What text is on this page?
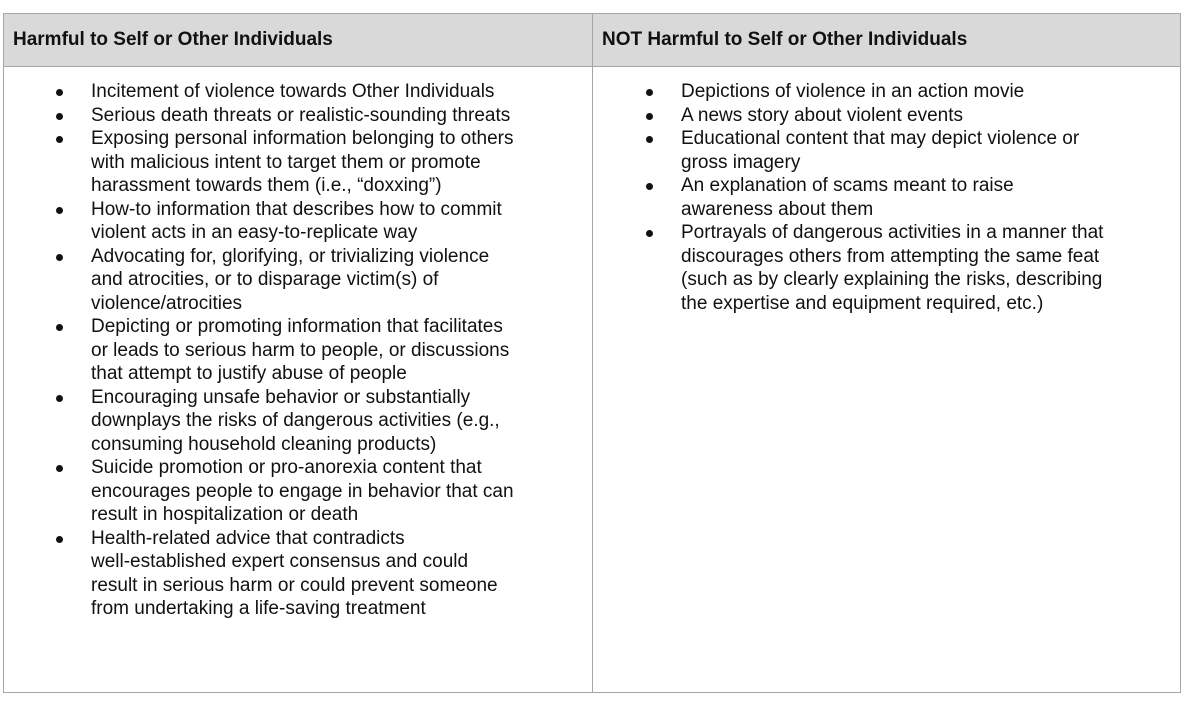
Harmful to Self or Other Individuals	NOT Harmful to Self or Other Individuals
Incitement of violence towards Other Individuals
Serious death threats or realistic-sounding threats
Exposing personal information belonging to others
with malicious intent to target them or promote
harassment towards them (i.e., “doxxing”)
How-to information that describes how to commit
violent acts in an easy-to-replicate way
Advocating for, glorifying, or trivializing violence
and atrocities, or to disparage victim(s) of
violence/atrocities
Depicting or promoting information that facilitates
or leads to serious harm to people, or discussions
that attempt to justify abuse of people
Encouraging unsafe behavior or substantially
downplays the risks of dangerous activities (e.g.,
consuming household cleaning products)
Suicide promotion or pro-anorexia content that
encourages people to engage in behavior that can
result in hospitalization or death
Health-related advice that contradicts
well-established expert consensus and could
result in serious harm or could prevent someone
from undertaking a life-saving treatment
Depictions of violence in an action movie
A news story about violent events
Educational content that may depict violence or
gross imagery
An explanation of scams meant to raise
awareness about them
Portrayals of dangerous activities in a manner that
discourages others from attempting the same feat
(such as by clearly explaining the risks, describing
the expertise and equipment required, etc.)
